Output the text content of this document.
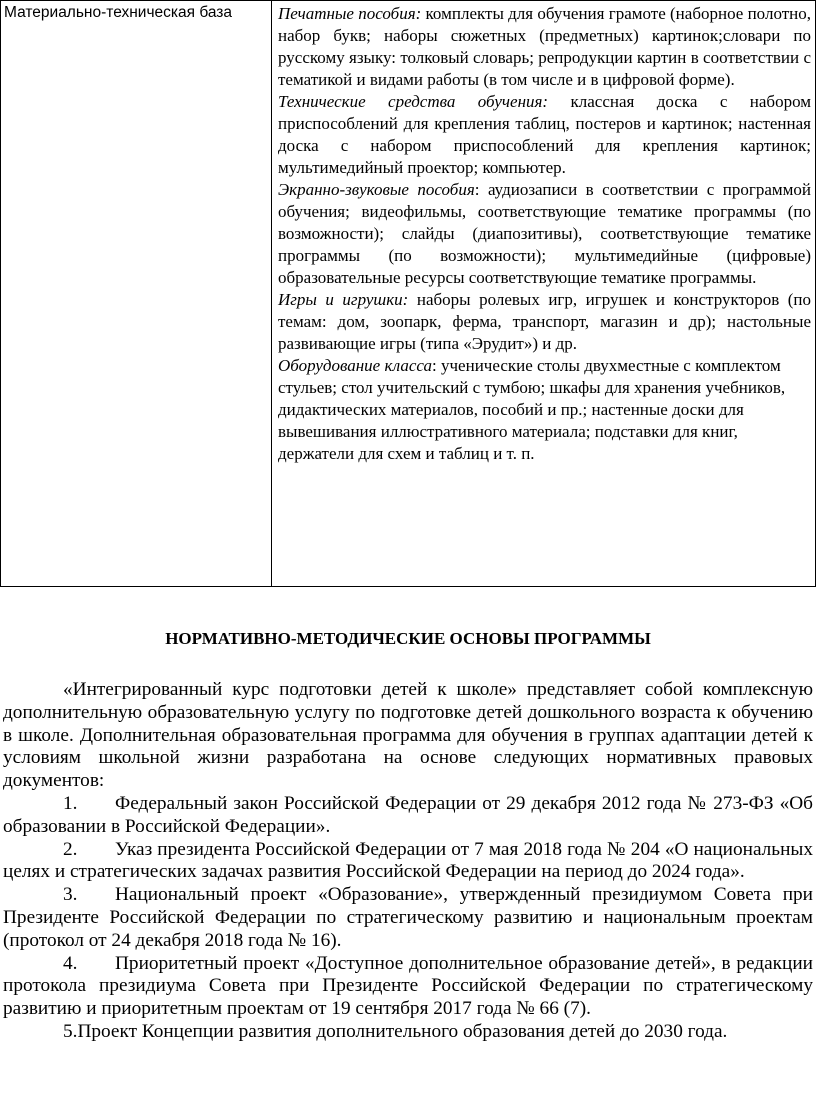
Материально-техническая база	Печатные пособия: комплекты для обучения грамоте (наборное полотно, набор букв; наборы сюжетных (предметных) картинок;словари по русскому языку: толковый словарь; репродукции картин в соответствии с тематикой и видами работы (в том числе и в цифровой форме).

Технические средства обучения: классная доска с набором приспособлений для крепления таблиц, постеров и картинок; настенная доска с набором приспособлений для крепления картинок; мультимедийный проектор; компьютер.

Экранно-звуковые пособия: аудиозаписи в соответствии с программой обучения; видеофильмы, соответствующие тематике программы (по возможности); слайды (диапозитивы), соответствующие тематике программы (по возможности); мультимедийные (цифровые) образовательные ресурсы соответствующие тематике программы.

Игры и игрушки: наборы ролевых игр, игрушек и конструкторов (по темам: дом, зоопарк, ферма, транспорт, магазин и др); настольные развивающие игры (типа «Эрудит») и др.

Оборудование класса: ученические столы двухместные с комплектом стульев; стол учительский с тумбою; шкафы для хранения учебников, дидактических материалов, пособий и пр.; настенные доски для вывешивания иллюстративного материала; подставки для книг, держатели для схем и таблиц и т. п.

НОРМАТИВНО-МЕТОДИЧЕСКИЕ ОСНОВЫ ПРОГРАММЫ

«Интегрированный курс подготовки детей к школе» представляет собой комплексную дополнительную образовательную услугу по подготовке детей дошкольного возраста к обучению в школе. Дополнительная образовательная программа для обучения в группах адаптации детей к условиям школьной жизни разработана на основе следующих нормативных правовых документов:

1. Федеральный закон Российской Федерации от 29 декабря 2012 года № 273-ФЗ «Об образовании в Российской Федерации».

2. Указ президента Российской Федерации от 7 мая 2018 года № 204 «О национальных целях и стратегических задачах развития Российской Федерации на период до 2024 года».

3. Национальный проект «Образование», утвержденный президиумом Совета при Президенте Российской Федерации по стратегическому развитию и национальным проектам (протокол от 24 декабря 2018 года № 16).

4. Приоритетный проект «Доступное дополнительное образование детей», в редакции протокола президиума Совета при Президенте Российской Федерации по стратегическому развитию и приоритетным проектам от 19 сентября 2017 года № 66 (7).

5.Проект Концепции развития дополнительного образования детей до 2030 года.
